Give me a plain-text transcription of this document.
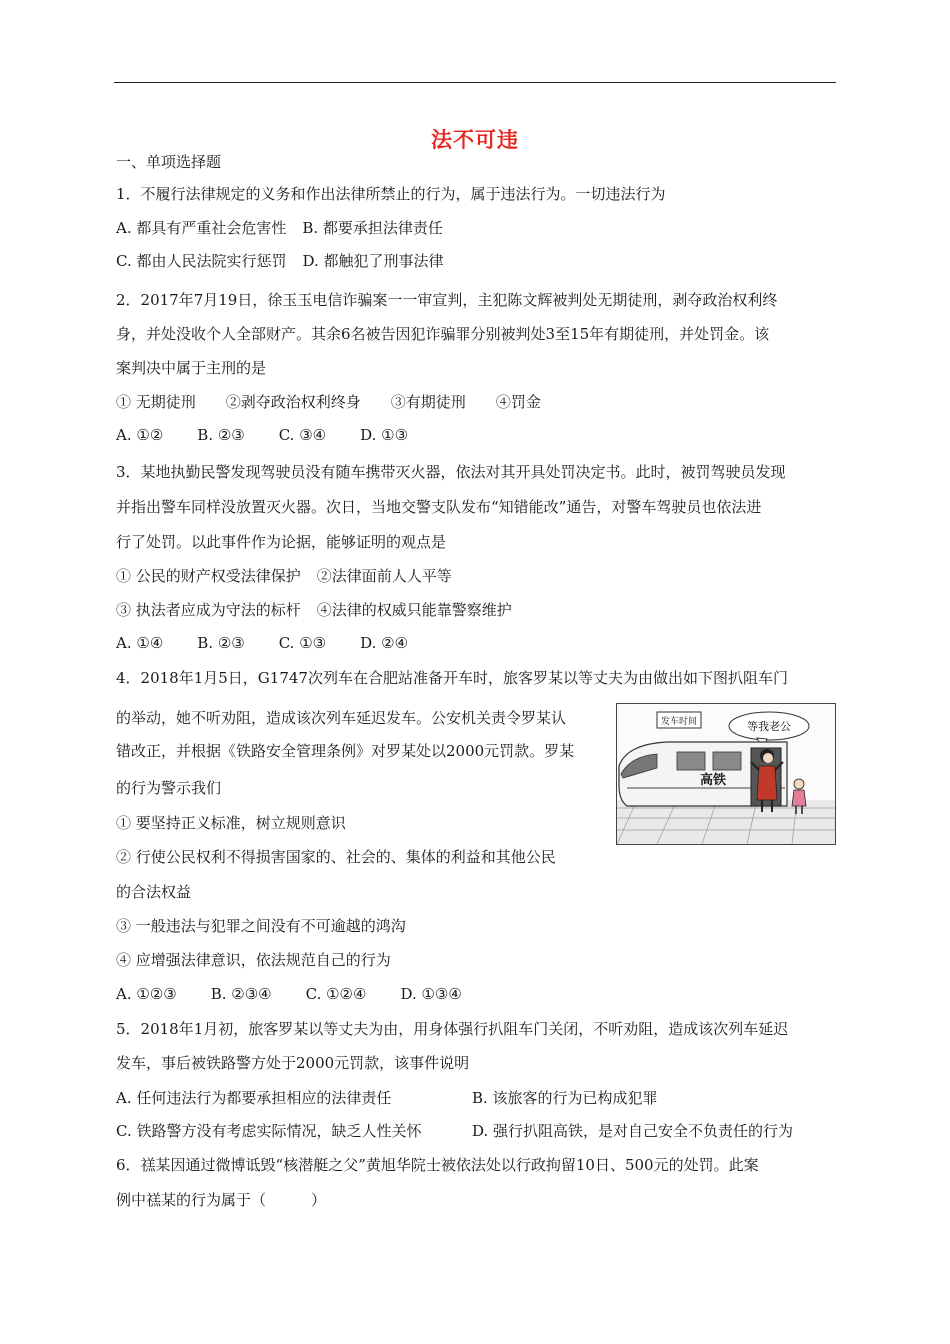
法不可违
一、单项选择题
1．不履行法律规定的义务和作出法律所禁止的行为，属于违法行为。一切违法行为
A. 都具有严重社会危害性 B. 都要承担法律责任
C. 都由人民法院实行惩罚 D. 都触犯了刑事法律
2．2017年7月19日，徐玉玉电信诈骗案一一审宣判，主犯陈文辉被判处无期徒刑，剥夺政治权利终
身，并处没收个人全部财产。其余6名被告因犯诈骗罪分别被判处3至15年有期徒刑，并处罚金。该
案判决中属于主刑的是
① 无期徒刑 ②剥夺政治权利终身 ③有期徒刑 ④罚金
A. ①② B. ②③ C. ③④ D. ①③
3．某地执勤民警发现驾驶员没有随车携带灭火器，依法对其开具处罚决定书。此时，被罚驾驶员发现
并指出警车同样没放置灭火器。次日，当地交警支队发布“知错能改”通告，对警车驾驶员也依法进
行了处罚。以此事件作为论据，能够证明的观点是
① 公民的财产权受法律保护 ②法律面前人人平等
③ 执法者应成为守法的标杆 ④法律的权威只能靠警察维护
A. ①④ B. ②③ C. ①③ D. ②④
4．2018年1月5日，G1747次列车在合肥站准备开车时，旅客罗某以等丈夫为由做出如下图扒阻车门
的举动，她不听劝阻，造成该次列车延迟发车。公安机关责令罗某认
错改正，并根据《铁路安全管理条例》对罗某处以2000元罚款。罗某
的行为警示我们
① 要坚持正义标准，树立规则意识
② 行使公民权利不得损害国家的、社会的、集体的利益和其他公民
的合法权益
③ 一般违法与犯罪之间没有不可逾越的鸿沟
④ 应增强法律意识，依法规范自己的行为
A. ①②③ B. ②③④ C. ①②④ D. ①③④
发车时间	等我老公
高铁
5．2018年1月初，旅客罗某以等丈夫为由，用身体强行扒阻车门关闭，不听劝阻，造成该次列车延迟
发车，事后被铁路警方处于2000元罚款，该事件说明
A. 任何违法行为都要承担相应的法律责任	B. 该旅客的行为已构成犯罪
C. 铁路警方没有考虑实际情况，缺乏人性关怀	D. 强行扒阻高铁，是对自己安全不负责任的行为
6．禚某因通过微博诋毁“核潜艇之父”黄旭华院士被依法处以行政拘留10日、500元的处罚。此案
例中禚某的行为属于（　　　）
